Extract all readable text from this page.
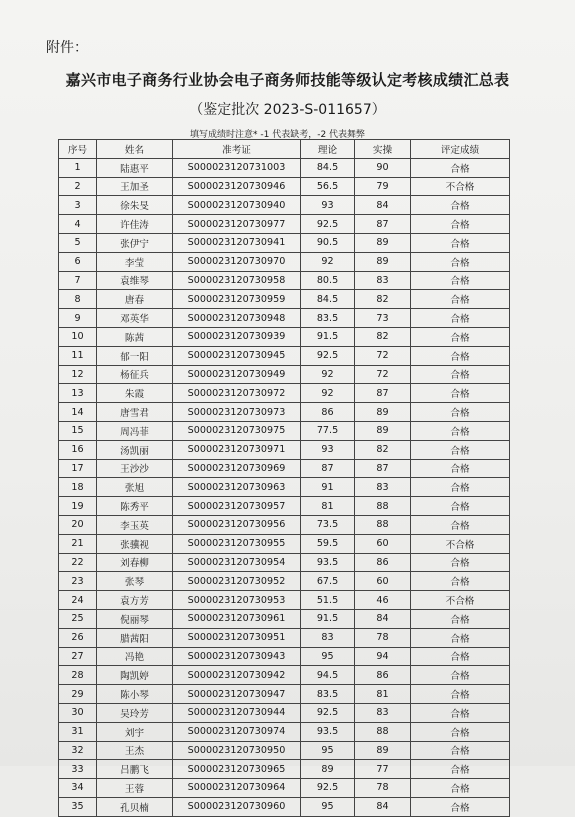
附件：
嘉兴市电子商务行业协会电子商务师技能等级认定考核成绩汇总表
（鉴定批次 2023-S-011657）
填写成绩时注意* -1 代表缺考，-2 代表舞弊
序号	姓名	准考证	理论	实操	评定成绩
1	陆惠平	S000023120731003	84.5	90	合格
2	王加圣	S000023120730946	56.5	79	不合格
3	徐朱旻	S000023120730940	93	84	合格
4	许佳涛	S000023120730977	92.5	87	合格
5	张伊宁	S000023120730941	90.5	89	合格
6	李莹	S000023120730970	92	89	合格
7	袁维琴	S000023120730958	80.5	83	合格
8	唐春	S000023120730959	84.5	82	合格
9	邓英华	S000023120730948	83.5	73	合格
10	陈茜	S000023120730939	91.5	82	合格
11	郁一阳	S000023120730945	92.5	72	合格
12	杨征兵	S000023120730949	92	72	合格
13	朱霞	S000023120730972	92	87	合格
14	唐雪君	S000023120730973	86	89	合格
15	周冯菲	S000023120730975	77.5	89	合格
16	汤凯丽	S000023120730971	93	82	合格
17	王沙沙	S000023120730969	87	87	合格
18	张旭	S000023120730963	91	83	合格
19	陈秀平	S000023120730957	81	88	合格
20	李玉英	S000023120730956	73.5	88	合格
21	张骥视	S000023120730955	59.5	60	不合格
22	刘春柳	S000023120730954	93.5	86	合格
23	张琴	S000023120730952	67.5	60	合格
24	袁方芳	S000023120730953	51.5	46	不合格
25	倪丽琴	S000023120730961	91.5	84	合格
26	腊茜阳	S000023120730951	83	78	合格
27	冯艳	S000023120730943	95	94	合格
28	陶凯婷	S000023120730942	94.5	86	合格
29	陈小琴	S000023120730947	83.5	81	合格
30	吴玲芳	S000023120730944	92.5	83	合格
31	刘宇	S000023120730974	93.5	88	合格
32	王杰	S000023120730950	95	89	合格
33	吕鹏飞	S000023120730965	89	77	合格
34	王蓉	S000023120730964	92.5	78	合格
35	孔贝楠	S000023120730960	95	84	合格
